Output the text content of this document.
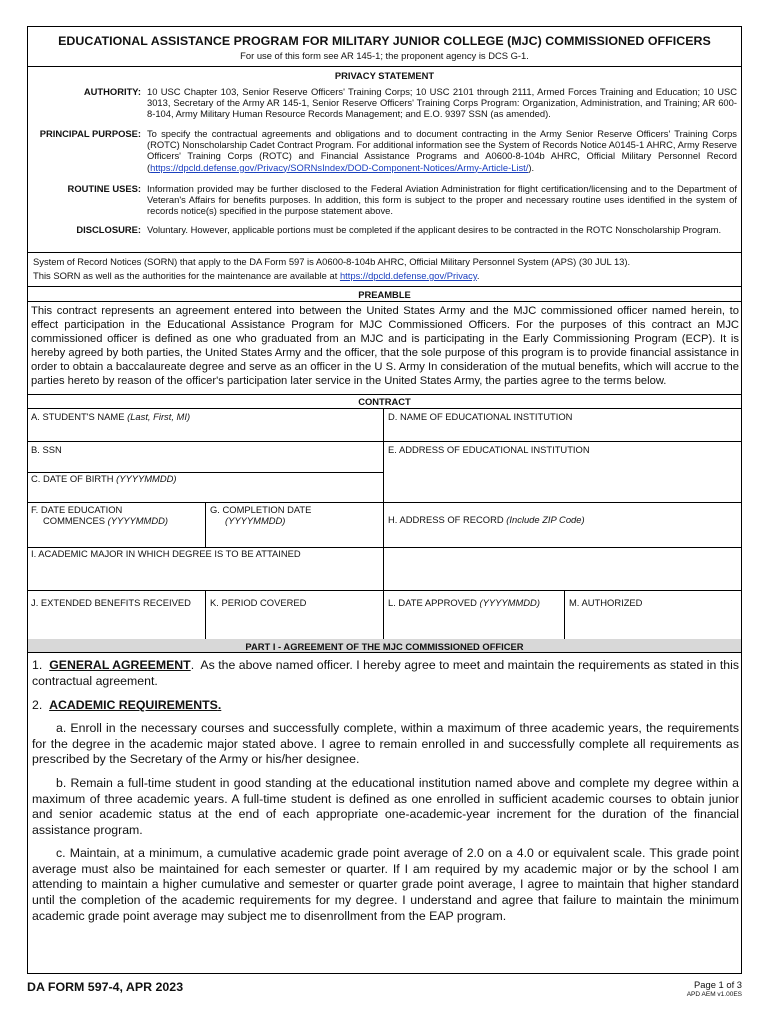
EDUCATIONAL ASSISTANCE PROGRAM FOR MILITARY JUNIOR COLLEGE (MJC) COMMISSIONED OFFICERS
For use of this form see AR 145-1; the proponent agency is DCS G-1.
PRIVACY STATEMENT
AUTHORITY: 10 USC Chapter 103, Senior Reserve Officers' Training Corps; 10 USC 2101 through 2111, Armed Forces Training and Education; 10 USC 3013, Secretary of the Army AR 145-1, Senior Reserve Officers' Training Corps Program: Organization, Administration, and Training; AR 600-8-104, Army Military Human Resource Records Management; and E.O. 9397 SSN (as amended).
PRINCIPAL PURPOSE: To specify the contractual agreements and obligations and to document contracting in the Army Senior Reserve Officers' Training Corps (ROTC) Nonscholarship Cadet Contract Program. For additional information see the System of Records Notice A0145-1 AHRC, Army Reserve Officers' Training Corps (ROTC) and Financial Assistance Programs and A0600-8-104b AHRC, Official Military Personnel Record (https://dpcld.defense.gov/Privacy/SORNsIndex/DOD-Component-Notices/Army-Article-List/).
ROUTINE USES: Information provided may be further disclosed to the Federal Aviation Administration for flight certification/licensing and to the Department of Veteran's Affairs for benefits purposes. In addition, this form is subject to the proper and necessary routine uses identified in the system of records notice(s) specified in the purpose statement above.
DISCLOSURE: Voluntary. However, applicable portions must be completed if the applicant desires to be contracted in the ROTC Nonscholarship Program.
System of Record Notices (SORN) that apply to the DA Form 597 is A0600-8-104b AHRC, Official Military Personnel System (APS) (30 JUL 13).
This SORN as well as the authorities for the maintenance are available at https://dpcld.defense.gov/Privacy.
PREAMBLE
This contract represents an agreement entered into between the United States Army and the MJC commissioned officer named herein, to effect participation in the Educational Assistance Program for MJC Commissioned Officers. For the purposes of this contract an MJC commissioned officer is defined as one who graduated from an MJC and is participating in the Early Commissioning Program (ECP). It is hereby agreed by both parties, the United States Army and the officer, that the sole purpose of this program is to provide financial assistance in order to obtain a baccalaureate degree and serve as an officer in the U S. Army In consideration of the mutual benefits, which will accrue to the parties hereto by reason of the officer's participation later service in the United States Army, the parties agree to the terms below.
CONTRACT
A. STUDENT'S NAME (Last, First, MI)	D. NAME OF EDUCATIONAL INSTITUTION
B. SSN	E. ADDRESS OF EDUCATIONAL INSTITUTION
C. DATE OF BIRTH (YYYYMMDD)
F. DATE EDUCATION
COMMENCES (YYYYMMDD)
G. COMPLETION DATE
(YYYYMMDD)	H. ADDRESS OF RECORD (Include ZIP Code)
I. ACADEMIC MAJOR IN WHICH DEGREE IS TO BE ATTAINED
J. EXTENDED BENEFITS RECEIVED K. PERIOD COVERED	L. DATE APPROVED (YYYYMMDD)	M. AUTHORIZED
PART I - AGREEMENT OF THE MJC COMMISSIONED OFFICER
1. GENERAL AGREEMENT.  As the above named officer. I hereby agree to meet and maintain the requirements as stated in this contractual agreement.
2. ACADEMIC REQUIREMENTS.
a. Enroll in the necessary courses and successfully complete, within a maximum of three academic years, the requirements for the degree in the academic major stated above. I agree to remain enrolled in and successfully complete all requirements as prescribed by the Secretary of the Army or his/her designee.
b. Remain a full-time student in good standing at the educational institution named above and complete my degree within a maximum of three academic years. A full-time student is defined as one enrolled in sufficient academic courses to obtain junior and senior academic status at the end of each appropriate one-academic-year increment for the duration of the financial assistance program.
c. Maintain, at a minimum, a cumulative academic grade point average of 2.0 on a 4.0 or equivalent scale. This grade point average must also be maintained for each semester or quarter. If I am required by my academic major or by the school I am attending to maintain a higher cumulative and semester or quarter grade point average, I agree to maintain that higher standard until the completion of the academic requirements for my degree. I understand and agree that failure to maintain the minimum academic grade point average may subject me to disenrollment from the EAP program.
DA FORM 597-4, APR 2023	Page 1 of 3
APD AEM v1.00ES
